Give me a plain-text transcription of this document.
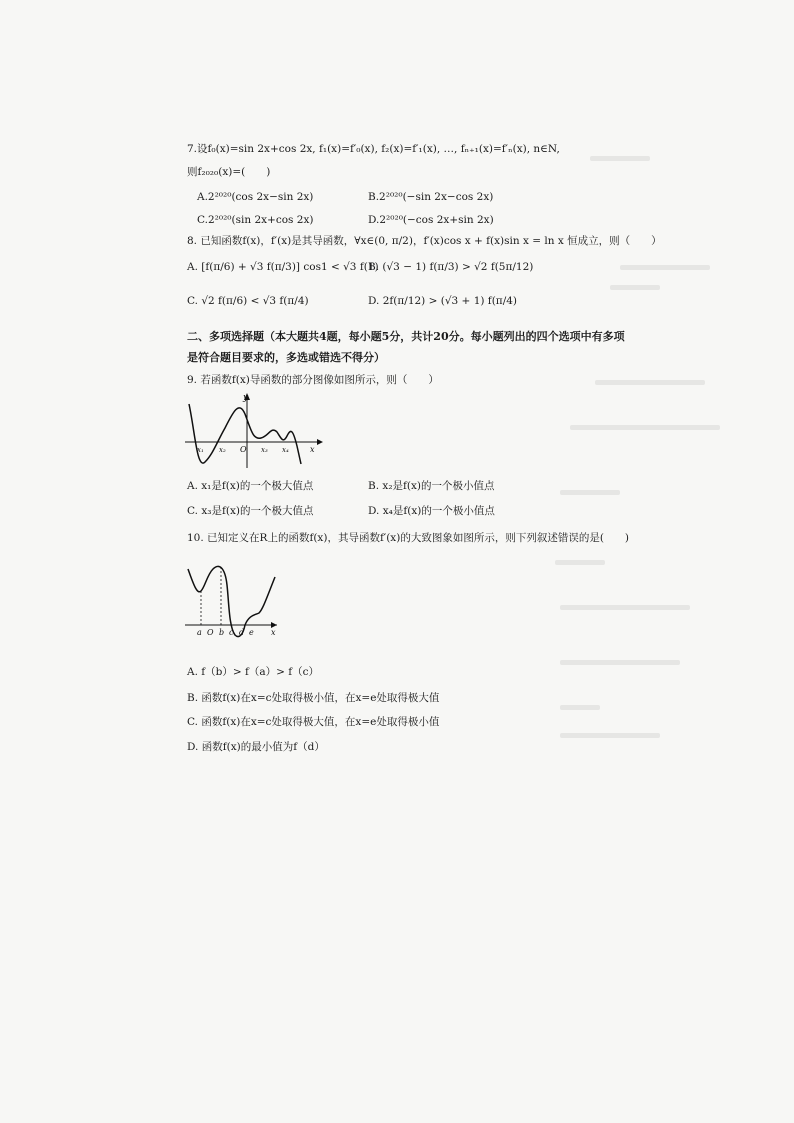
7.设f₀(x)=sin 2x+cos 2x, f₁(x)=f′₀(x), f₂(x)=f′₁(x), …, fₙ₊₁(x)=f′ₙ(x), n∈N,
则f₂₀₂₀(x)=(　　)
A.2²⁰²⁰(cos 2x−sin 2x)	B.2²⁰²⁰(−sin 2x−cos 2x)
C.2²⁰²⁰(sin 2x+cos 2x)	D.2²⁰²⁰(−cos 2x+sin 2x)
8. 已知函数f(x)，f′(x)是其导函数，∀x∈(0, π/2)，f′(x)cos x + f(x)sin x = ln x 恒成立，则（　　）
A. [f(π/6) + √3 f(π/3)] cos1 < √3 f(1)
B. (√3 − 1) f(π/3) > √2 f(5π/12)
C. √2 f(π/6) < √3 f(π/4)	D. 2f(π/12) > (√3 + 1) f(π/4)
二、多项选择题（本大题共4题，每小题5分，共计20分。每小题列出的四个选项中有多项
是符合题目要求的，多选或错选不得分）
9. 若函数f(x)导函数的部分图像如图所示，则（　　）
y
x₁ x₂ O x₃ x₄	x
A. x₁是f(x)的一个极大值点	B. x₂是f(x)的一个极小值点
C. x₃是f(x)的一个极大值点	D. x₄是f(x)的一个极小值点
10. 已知定义在R上的函数f(x)，其导函数f′(x)的大致图象如图所示，则下列叙述错误的是(　　)
a O b c d e x
A. f（b）> f（a）> f（c）
B. 函数f(x)在x=c处取得极小值，在x=e处取得极大值
C. 函数f(x)在x=c处取得极大值，在x=e处取得极小值
D. 函数f(x)的最小值为f（d）
